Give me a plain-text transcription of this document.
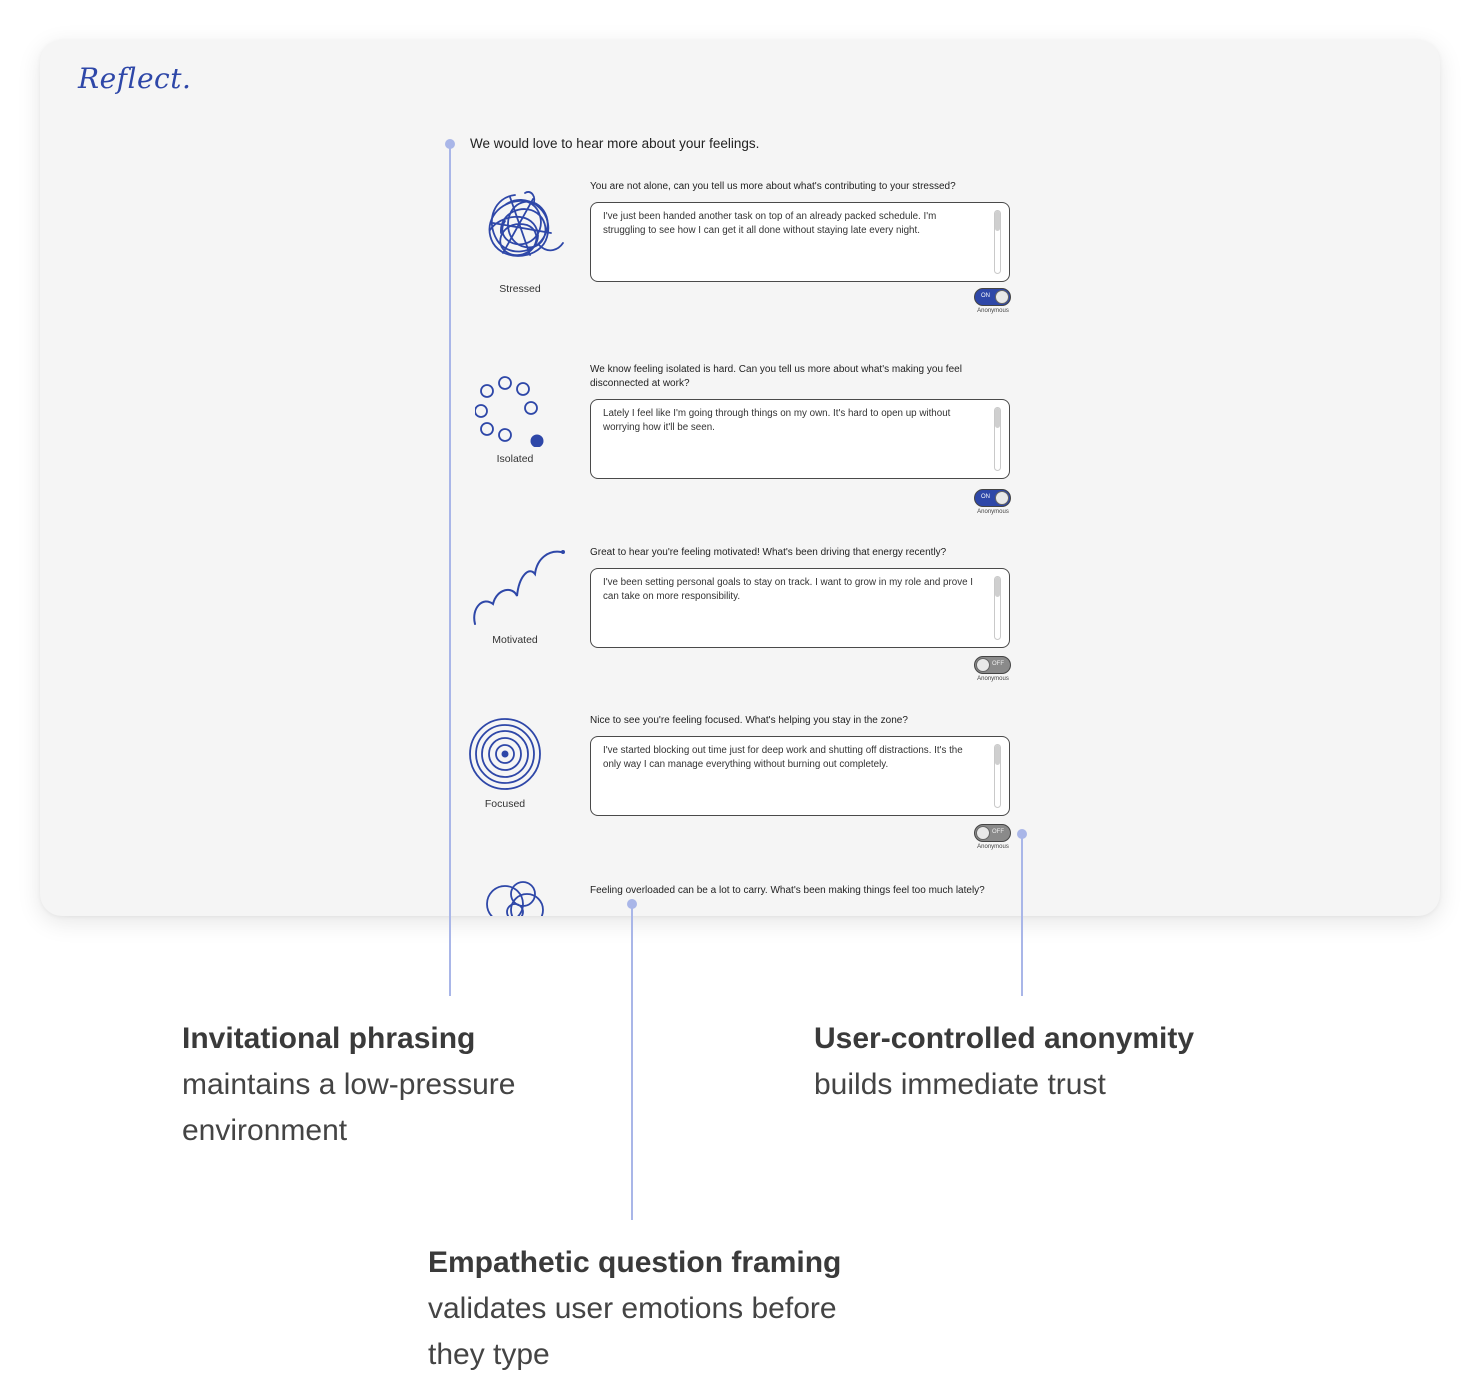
Reflect.
We would love to hear more about your feelings.
Stressed
You are not alone, can you tell us more about what's contributing to your stressed?
I've just been handed another task on top of an already packed schedule. I'm struggling to see how I can get it all done without staying late every night.
ON
Anonymous
Isolated
We know feeling isolated is hard. Can you tell us more about what's making you feel disconnected at work?
Lately I feel like I'm going through things on my own. It's hard to open up without worrying how it'll be seen.
ON
Anonymous
Motivated
Great to hear you're feeling motivated! What's been driving that energy recently?
I've been setting personal goals to stay on track. I want to grow in my role and prove I can take on more responsibility.
OFF
Anonymous
Focused
Nice to see you're feeling focused. What's helping you stay in the zone?
I've started blocking out time just for deep work and shutting off distractions. It's the only way I can manage everything without burning out completely.
OFF
Anonymous
Feeling overloaded can be a lot to carry. What's been making things feel too much lately?
Invitational phrasing
maintains a low-pressure environment
User-controlled anonymity
builds immediate trust
Empathetic question framing validates user emotions before they type
